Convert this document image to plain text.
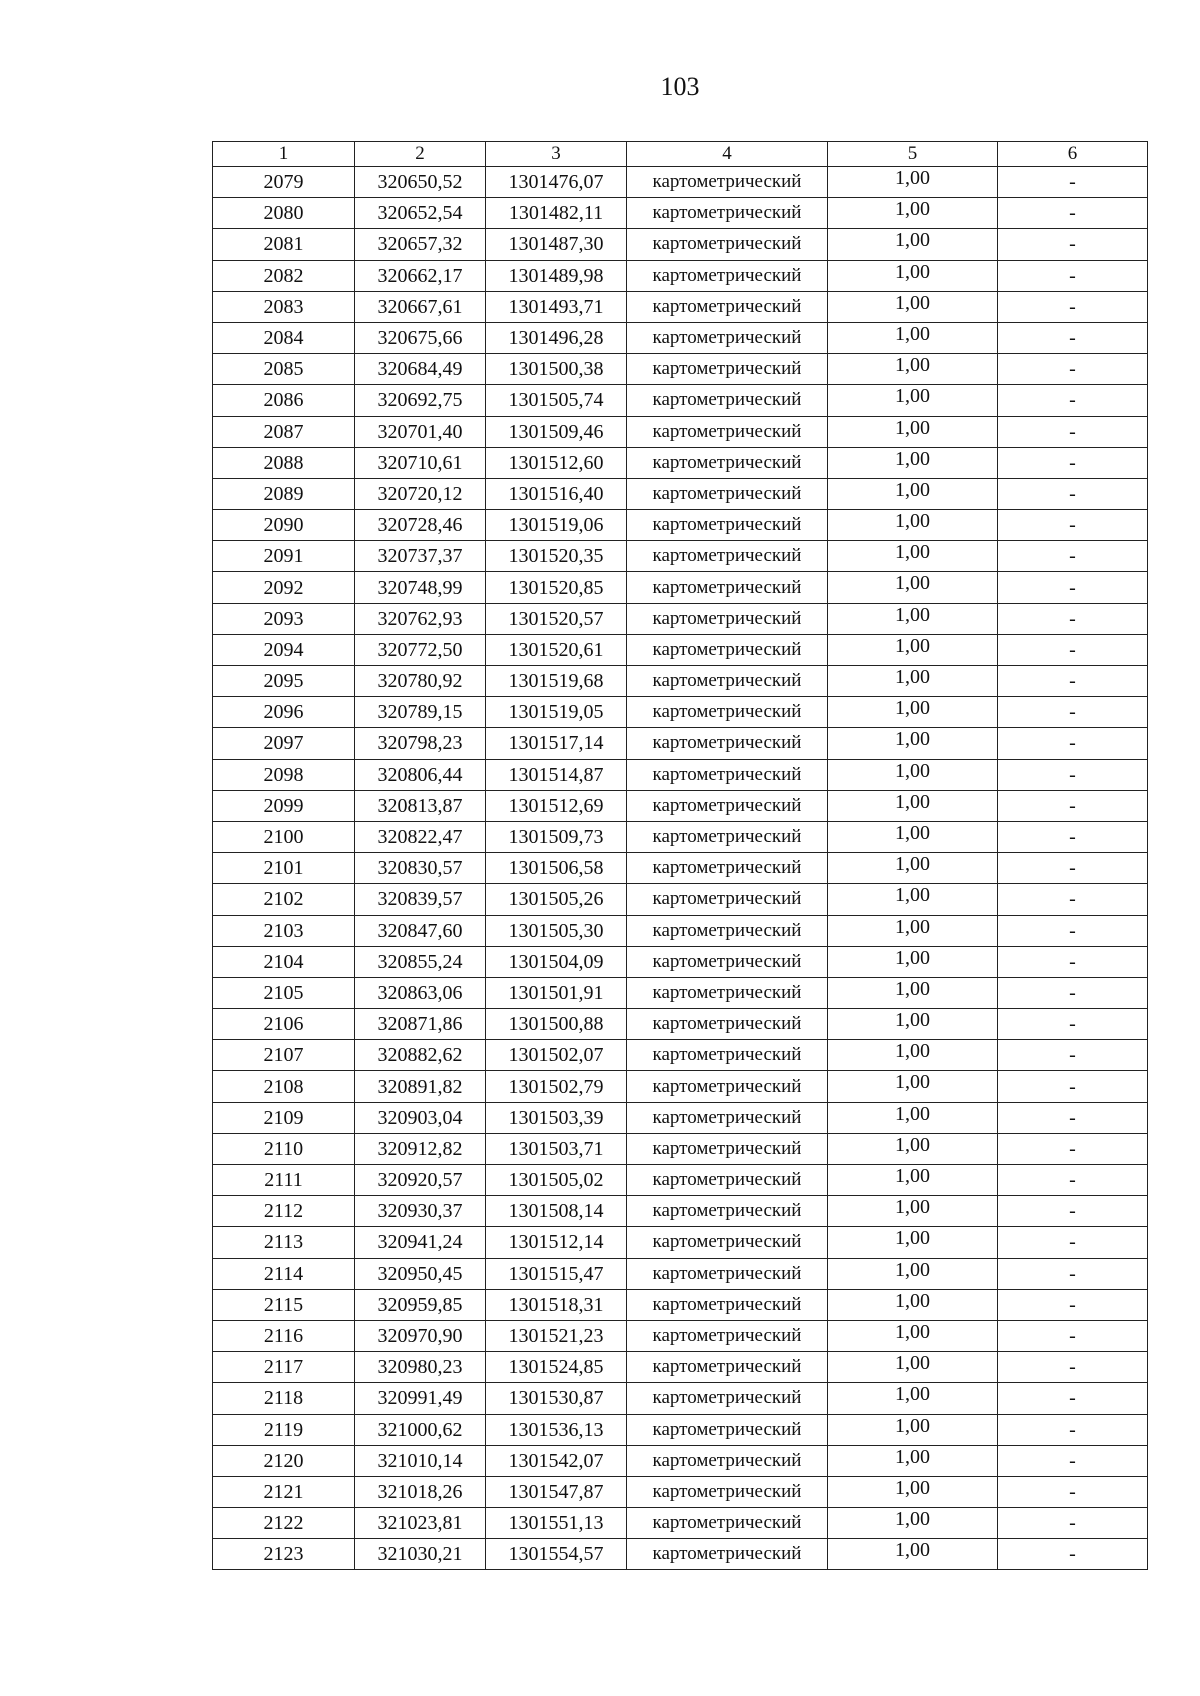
103
1	2	3	4	5	6
2079	320650,52	1301476,07	картометрический	1,00	-
2080	320652,54	1301482,11	картометрический	1,00	-
2081	320657,32	1301487,30	картометрический	1,00	-
2082	320662,17	1301489,98	картометрический	1,00	-
2083	320667,61	1301493,71	картометрический	1,00	-
2084	320675,66	1301496,28	картометрический	1,00	-
2085	320684,49	1301500,38	картометрический	1,00	-
2086	320692,75	1301505,74	картометрический	1,00	-
2087	320701,40	1301509,46	картометрический	1,00	-
2088	320710,61	1301512,60	картометрический	1,00	-
2089	320720,12	1301516,40	картометрический	1,00	-
2090	320728,46	1301519,06	картометрический	1,00	-
2091	320737,37	1301520,35	картометрический	1,00	-
2092	320748,99	1301520,85	картометрический	1,00	-
2093	320762,93	1301520,57	картометрический	1,00	-
2094	320772,50	1301520,61	картометрический	1,00	-
2095	320780,92	1301519,68	картометрический	1,00	-
2096	320789,15	1301519,05	картометрический	1,00	-
2097	320798,23	1301517,14	картометрический	1,00	-
2098	320806,44	1301514,87	картометрический	1,00	-
2099	320813,87	1301512,69	картометрический	1,00	-
2100	320822,47	1301509,73	картометрический	1,00	-
2101	320830,57	1301506,58	картометрический	1,00	-
2102	320839,57	1301505,26	картометрический	1,00	-
2103	320847,60	1301505,30	картометрический	1,00	-
2104	320855,24	1301504,09	картометрический	1,00	-
2105	320863,06	1301501,91	картометрический	1,00	-
2106	320871,86	1301500,88	картометрический	1,00	-
2107	320882,62	1301502,07	картометрический	1,00	-
2108	320891,82	1301502,79	картометрический	1,00	-
2109	320903,04	1301503,39	картометрический	1,00	-
2110	320912,82	1301503,71	картометрический	1,00	-
2111	320920,57	1301505,02	картометрический	1,00	-
2112	320930,37	1301508,14	картометрический	1,00	-
2113	320941,24	1301512,14	картометрический	1,00	-
2114	320950,45	1301515,47	картометрический	1,00	-
2115	320959,85	1301518,31	картометрический	1,00	-
2116	320970,90	1301521,23	картометрический	1,00	-
2117	320980,23	1301524,85	картометрический	1,00	-
2118	320991,49	1301530,87	картометрический	1,00	-
2119	321000,62	1301536,13	картометрический	1,00	-
2120	321010,14	1301542,07	картометрический	1,00	-
2121	321018,26	1301547,87	картометрический	1,00	-
2122	321023,81	1301551,13	картометрический	1,00	-
2123	321030,21	1301554,57	картометрический	1,00	-
